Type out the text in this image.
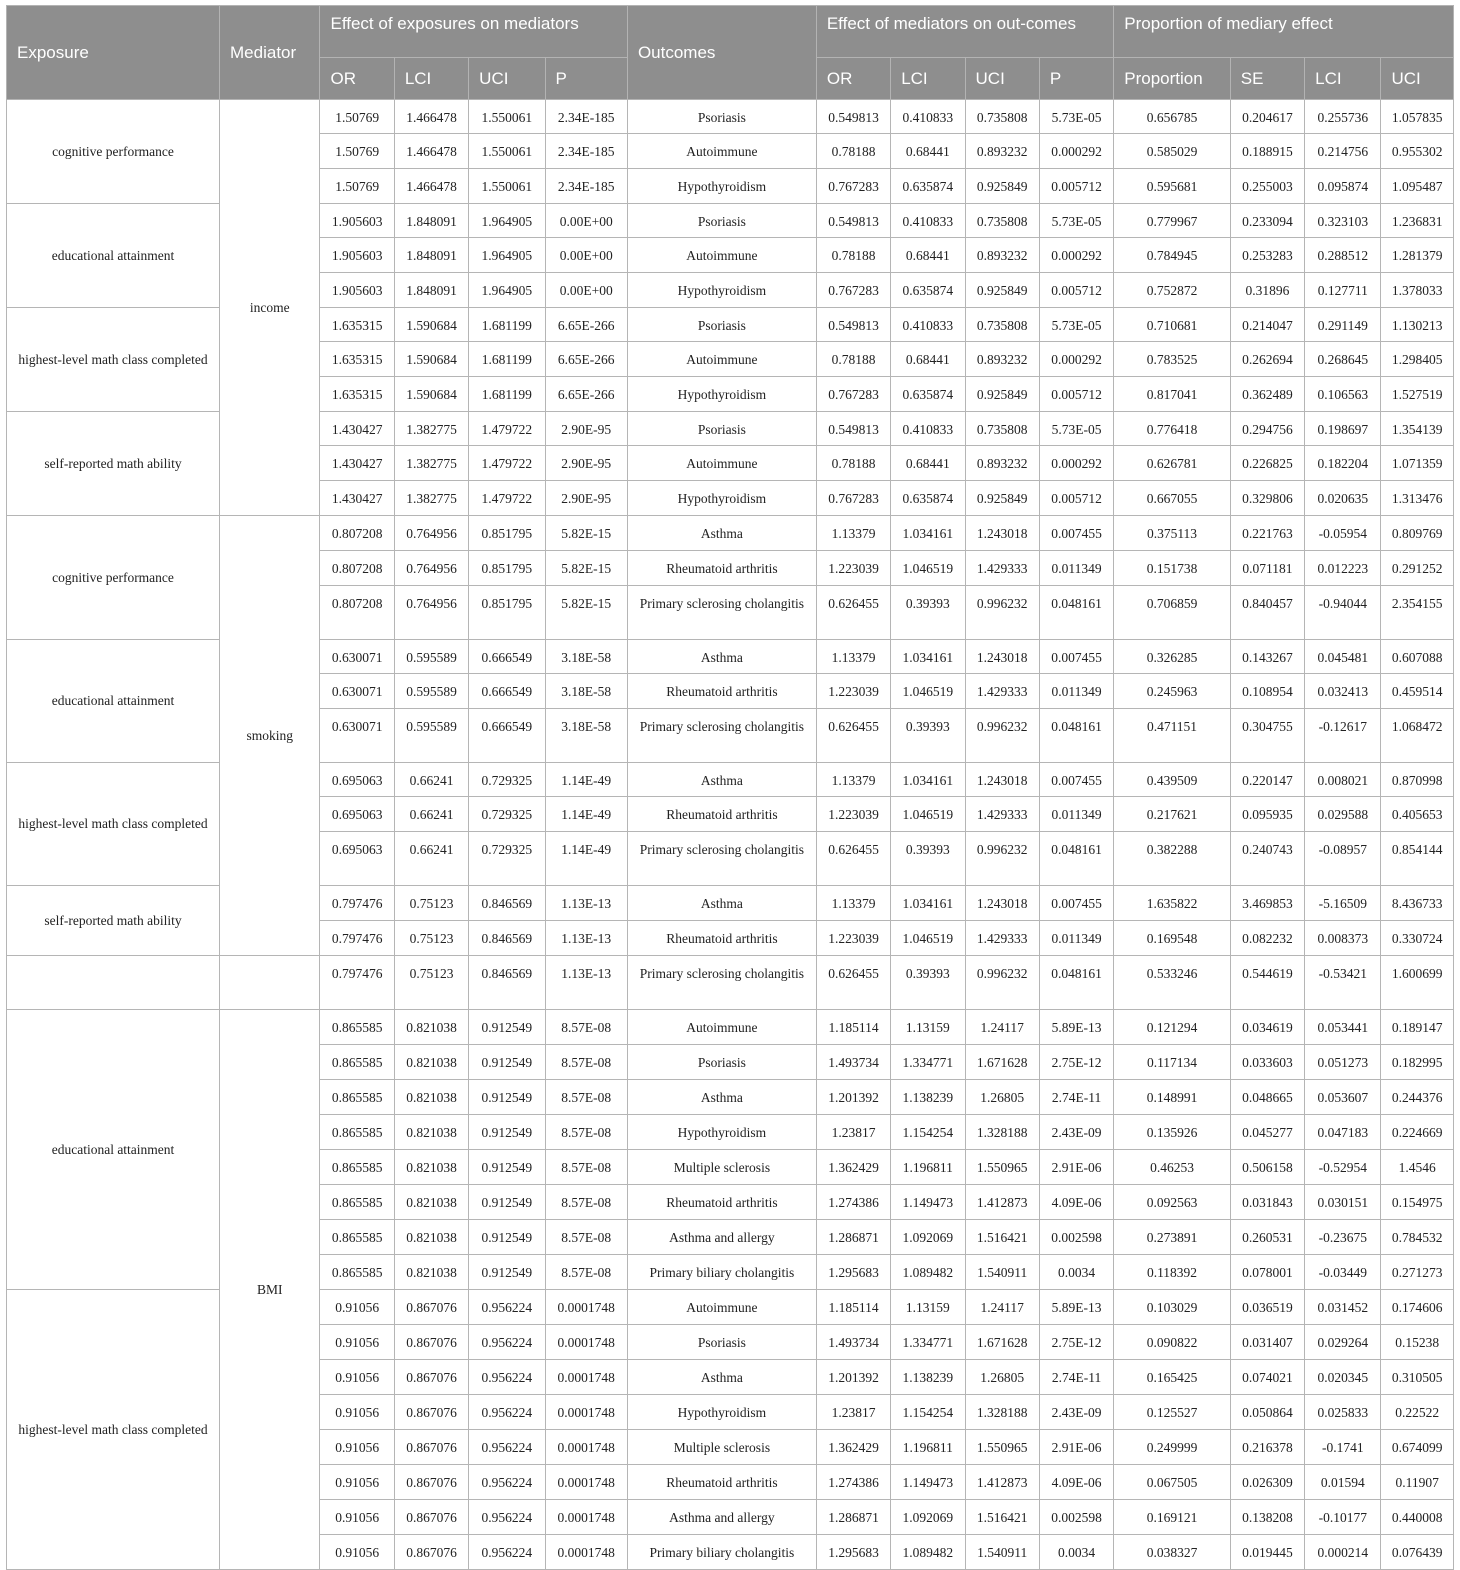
Exposure	Mediator	Effect of exposures on mediators				Outcomes	Effect of mediators on out-comes				Proportion of mediary effect			
		OR	LCI	UCI	P		OR	LCI	UCI	P	Proportion	SE	LCI	UCI
cognitive performance	income	1.50769	1.466478	1.550061	2.34E-185	Psoriasis	0.549813	0.410833	0.735808	5.73E-05	0.656785	0.204617	0.255736	1.057835
		1.50769	1.466478	1.550061	2.34E-185	Autoimmune	0.78188	0.68441	0.893232	0.000292	0.585029	0.188915	0.214756	0.955302
		1.50769	1.466478	1.550061	2.34E-185	Hypothyroidism	0.767283	0.635874	0.925849	0.005712	0.595681	0.255003	0.095874	1.095487
educational attainment		1.905603	1.848091	1.964905	0.00E+00	Psoriasis	0.549813	0.410833	0.735808	5.73E-05	0.779967	0.233094	0.323103	1.236831
		1.905603	1.848091	1.964905	0.00E+00	Autoimmune	0.78188	0.68441	0.893232	0.000292	0.784945	0.253283	0.288512	1.281379
		1.905603	1.848091	1.964905	0.00E+00	Hypothyroidism	0.767283	0.635874	0.925849	0.005712	0.752872	0.31896	0.127711	1.378033
highest-level math class completed		1.635315	1.590684	1.681199	6.65E-266	Psoriasis	0.549813	0.410833	0.735808	5.73E-05	0.710681	0.214047	0.291149	1.130213
		1.635315	1.590684	1.681199	6.65E-266	Autoimmune	0.78188	0.68441	0.893232	0.000292	0.783525	0.262694	0.268645	1.298405
		1.635315	1.590684	1.681199	6.65E-266	Hypothyroidism	0.767283	0.635874	0.925849	0.005712	0.817041	0.362489	0.106563	1.527519
self-reported math ability		1.430427	1.382775	1.479722	2.90E-95	Psoriasis	0.549813	0.410833	0.735808	5.73E-05	0.776418	0.294756	0.198697	1.354139
		1.430427	1.382775	1.479722	2.90E-95	Autoimmune	0.78188	0.68441	0.893232	0.000292	0.626781	0.226825	0.182204	1.071359
		1.430427	1.382775	1.479722	2.90E-95	Hypothyroidism	0.767283	0.635874	0.925849	0.005712	0.667055	0.329806	0.020635	1.313476
cognitive performance	smoking	0.807208	0.764956	0.851795	5.82E-15	Asthma	1.13379	1.034161	1.243018	0.007455	0.375113	0.221763	-0.05954	0.809769
		0.807208	0.764956	0.851795	5.82E-15	Rheumatoid arthritis	1.223039	1.046519	1.429333	0.011349	0.151738	0.071181	0.012223	0.291252
		0.807208	0.764956	0.851795	5.82E-15	Primary sclerosing cholangitis	0.626455	0.39393	0.996232	0.048161	0.706859	0.840457	-0.94044	2.354155
educational attainment		0.630071	0.595589	0.666549	3.18E-58	Asthma	1.13379	1.034161	1.243018	0.007455	0.326285	0.143267	0.045481	0.607088
		0.630071	0.595589	0.666549	3.18E-58	Rheumatoid arthritis	1.223039	1.046519	1.429333	0.011349	0.245963	0.108954	0.032413	0.459514
		0.630071	0.595589	0.666549	3.18E-58	Primary sclerosing cholangitis	0.626455	0.39393	0.996232	0.048161	0.471151	0.304755	-0.12617	1.068472
highest-level math class completed		0.695063	0.66241	0.729325	1.14E-49	Asthma	1.13379	1.034161	1.243018	0.007455	0.439509	0.220147	0.008021	0.870998
		0.695063	0.66241	0.729325	1.14E-49	Rheumatoid arthritis	1.223039	1.046519	1.429333	0.011349	0.217621	0.095935	0.029588	0.405653
		0.695063	0.66241	0.729325	1.14E-49	Primary sclerosing cholangitis	0.626455	0.39393	0.996232	0.048161	0.382288	0.240743	-0.08957	0.854144
self-reported math ability		0.797476	0.75123	0.846569	1.13E-13	Asthma	1.13379	1.034161	1.243018	0.007455	1.635822	3.469853	-5.16509	8.436733
		0.797476	0.75123	0.846569	1.13E-13	Rheumatoid arthritis	1.223039	1.046519	1.429333	0.011349	0.169548	0.082232	0.008373	0.330724
		0.797476	0.75123	0.846569	1.13E-13	Primary sclerosing cholangitis	0.626455	0.39393	0.996232	0.048161	0.533246	0.544619	-0.53421	1.600699
educational attainment	BMI	0.865585	0.821038	0.912549	8.57E-08	Autoimmune	1.185114	1.13159	1.24117	5.89E-13	0.121294	0.034619	0.053441	0.189147
		0.865585	0.821038	0.912549	8.57E-08	Psoriasis	1.493734	1.334771	1.671628	2.75E-12	0.117134	0.033603	0.051273	0.182995
		0.865585	0.821038	0.912549	8.57E-08	Asthma	1.201392	1.138239	1.26805	2.74E-11	0.148991	0.048665	0.053607	0.244376
		0.865585	0.821038	0.912549	8.57E-08	Hypothyroidism	1.23817	1.154254	1.328188	2.43E-09	0.135926	0.045277	0.047183	0.224669
		0.865585	0.821038	0.912549	8.57E-08	Multiple sclerosis	1.362429	1.196811	1.550965	2.91E-06	0.46253	0.506158	-0.52954	1.4546
		0.865585	0.821038	0.912549	8.57E-08	Rheumatoid arthritis	1.274386	1.149473	1.412873	4.09E-06	0.092563	0.031843	0.030151	0.154975
		0.865585	0.821038	0.912549	8.57E-08	Asthma and allergy	1.286871	1.092069	1.516421	0.002598	0.273891	0.260531	-0.23675	0.784532
		0.865585	0.821038	0.912549	8.57E-08	Primary biliary cholangitis	1.295683	1.089482	1.540911	0.0034	0.118392	0.078001	-0.03449	0.271273
highest-level math class completed		0.91056	0.867076	0.956224	0.0001748	Autoimmune	1.185114	1.13159	1.24117	5.89E-13	0.103029	0.036519	0.031452	0.174606
		0.91056	0.867076	0.956224	0.0001748	Psoriasis	1.493734	1.334771	1.671628	2.75E-12	0.090822	0.031407	0.029264	0.15238
		0.91056	0.867076	0.956224	0.0001748	Asthma	1.201392	1.138239	1.26805	2.74E-11	0.165425	0.074021	0.020345	0.310505
		0.91056	0.867076	0.956224	0.0001748	Hypothyroidism	1.23817	1.154254	1.328188	2.43E-09	0.125527	0.050864	0.025833	0.22522
		0.91056	0.867076	0.956224	0.0001748	Multiple sclerosis	1.362429	1.196811	1.550965	2.91E-06	0.249999	0.216378	-0.1741	0.674099
		0.91056	0.867076	0.956224	0.0001748	Rheumatoid arthritis	1.274386	1.149473	1.412873	4.09E-06	0.067505	0.026309	0.01594	0.11907
		0.91056	0.867076	0.956224	0.0001748	Asthma and allergy	1.286871	1.092069	1.516421	0.002598	0.169121	0.138208	-0.10177	0.440008
		0.91056	0.867076	0.956224	0.0001748	Primary biliary cholangitis	1.295683	1.089482	1.540911	0.0034	0.038327	0.019445	0.000214	0.076439
